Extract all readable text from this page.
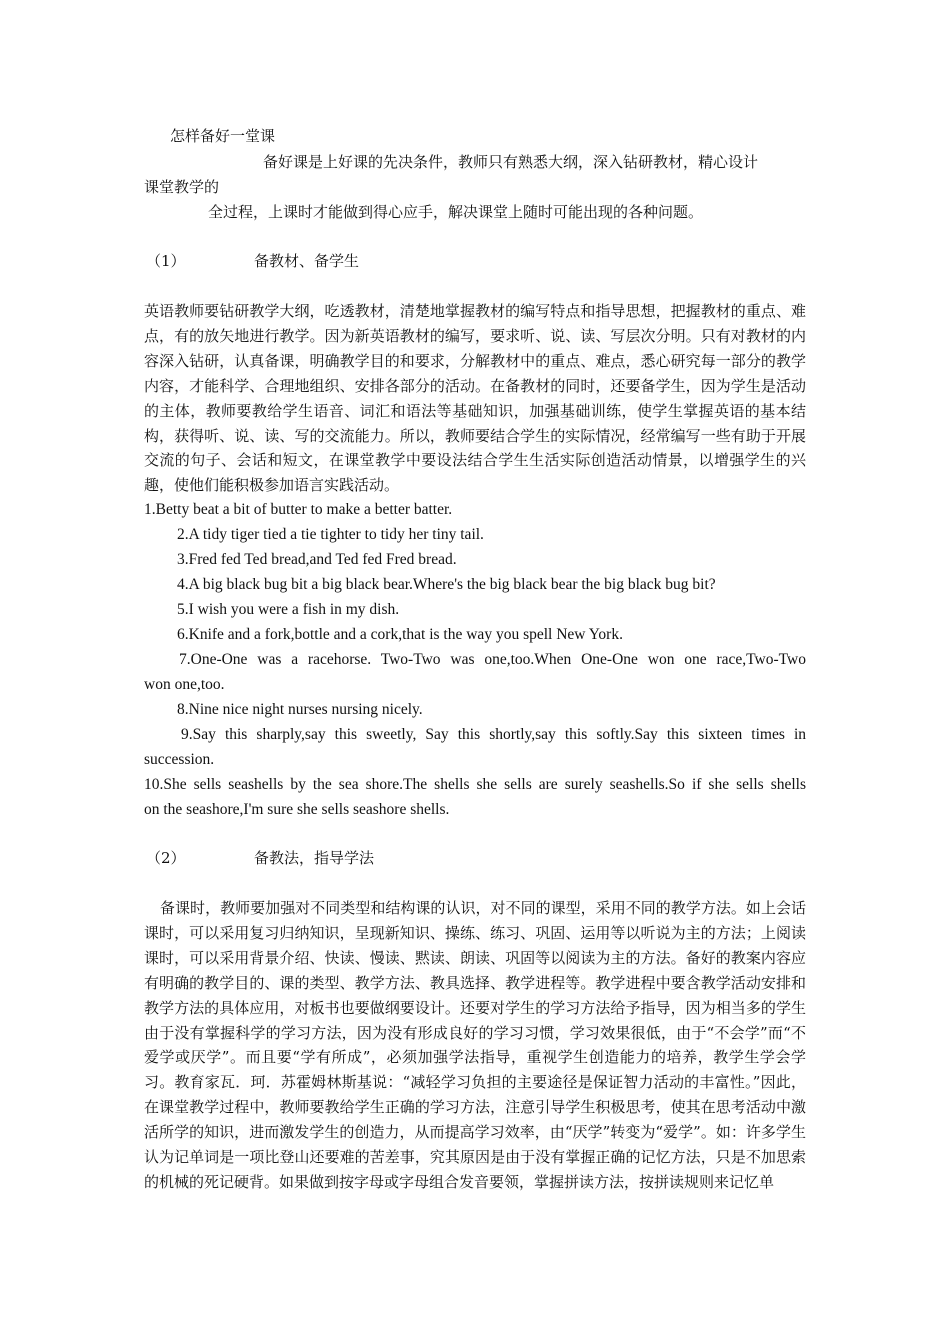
怎样备好一堂课
备好课是上好课的先决条件，教师只有熟悉大纲，深入钻研教材，精心设计
课堂教学的
全过程，上课时才能做到得心应手，解决课堂上随时可能出现的各种问题。
（1）	备教材、备学生
英语教师要钻研教学大纲，吃透教材，清楚地掌握教材的编写特点和指导思想，把握教材的重点、难点，有的放矢地进行教学。因为新英语教材的编写，要求听、说、读、写层次分明。只有对教材的内容深入钻研，认真备课，明确教学目的和要求，分解教材中的重点、难点，悉心研究每一部分的教学内容，才能科学、合理地组织、安排各部分的活动。在备教材的同时，还要备学生，因为学生是活动的主体，教师要教给学生语音、词汇和语法等基础知识，加强基础训练，使学生掌握英语的基本结构，获得听、说、读、写的交流能力。所以，教师要结合学生的实际情况，经常编写一些有助于开展交流的句子、会话和短文，在课堂教学中要设法结合学生生活实际创造活动情景，以增强学生的兴趣，使他们能积极参加语言实践活动。
1.Betty beat a bit of butter to make a better batter.
2.A tidy tiger tied a tie tighter to tidy her tiny tail.
3.Fred fed Ted bread,and Ted fed Fred bread.
4.A big black bug bit a big black bear.Where's the big black bear the big black bug bit?
5.I wish you were a fish in my dish.
6.Knife and a fork,bottle and a cork,that is the way you spell New York.
7.One-One was a racehorse. Two-Two was one,too.When One-One won one race,Two-Two
won one,too.
8.Nine nice night nurses nursing nicely.
9.Say this sharply,say this sweetly, Say this shortly,say this softly.Say this sixteen times in
succession.
10.She sells seashells by the sea shore.The shells she sells are surely seashells.So if she sells shells
on the seashore,I'm sure she sells seashore shells.
（2）	备教法，指导学法
备课时，教师要加强对不同类型和结构课的认识，对不同的课型，采用不同的教学方法。如上会话课时，可以采用复习归纳知识，呈现新知识、操练、练习、巩固、运用等以听说为主的方法；上阅读课时，可以采用背景介绍、快读、慢读、黙读、朗读、巩固等以阅读为主的方法。备好的教案内容应有明确的教学目的、课的类型、教学方法、教具选择、教学进程等。教学进程中要含教学活动安排和教学方法的具体应用，对板书也要做纲要设计。还要对学生的学习方法给予指导，因为相当多的学生由于没有掌握科学的学习方法，因为没有形成良好的学习习惯，学习效果很低，由于“不会学”而“不爱学或厌学”。而且要“学有所成”，必须加强学法指导，重视学生创造能力的培养，教学生学会学习。教育家瓦．珂．苏霍姆林斯基说：“减轻学习负担的主要途径是保证智力活动的丰富性。”因此，在课堂教学过程中，教师要教给学生正确的学习方法，注意引导学生积极思考，使其在思考活动中激活所学的知识，进而激发学生的创造力，从而提高学习效率，由“厌学”转变为“爱学”。如：许多学生认为记单词是一项比登山还要难的苦差事，究其原因是由于没有掌握正确的记忆方法，只是不加思索的机械的死记硬背。如果做到按字母或字母组合发音要领，掌握拼读方法，按拼读规则来记忆单
